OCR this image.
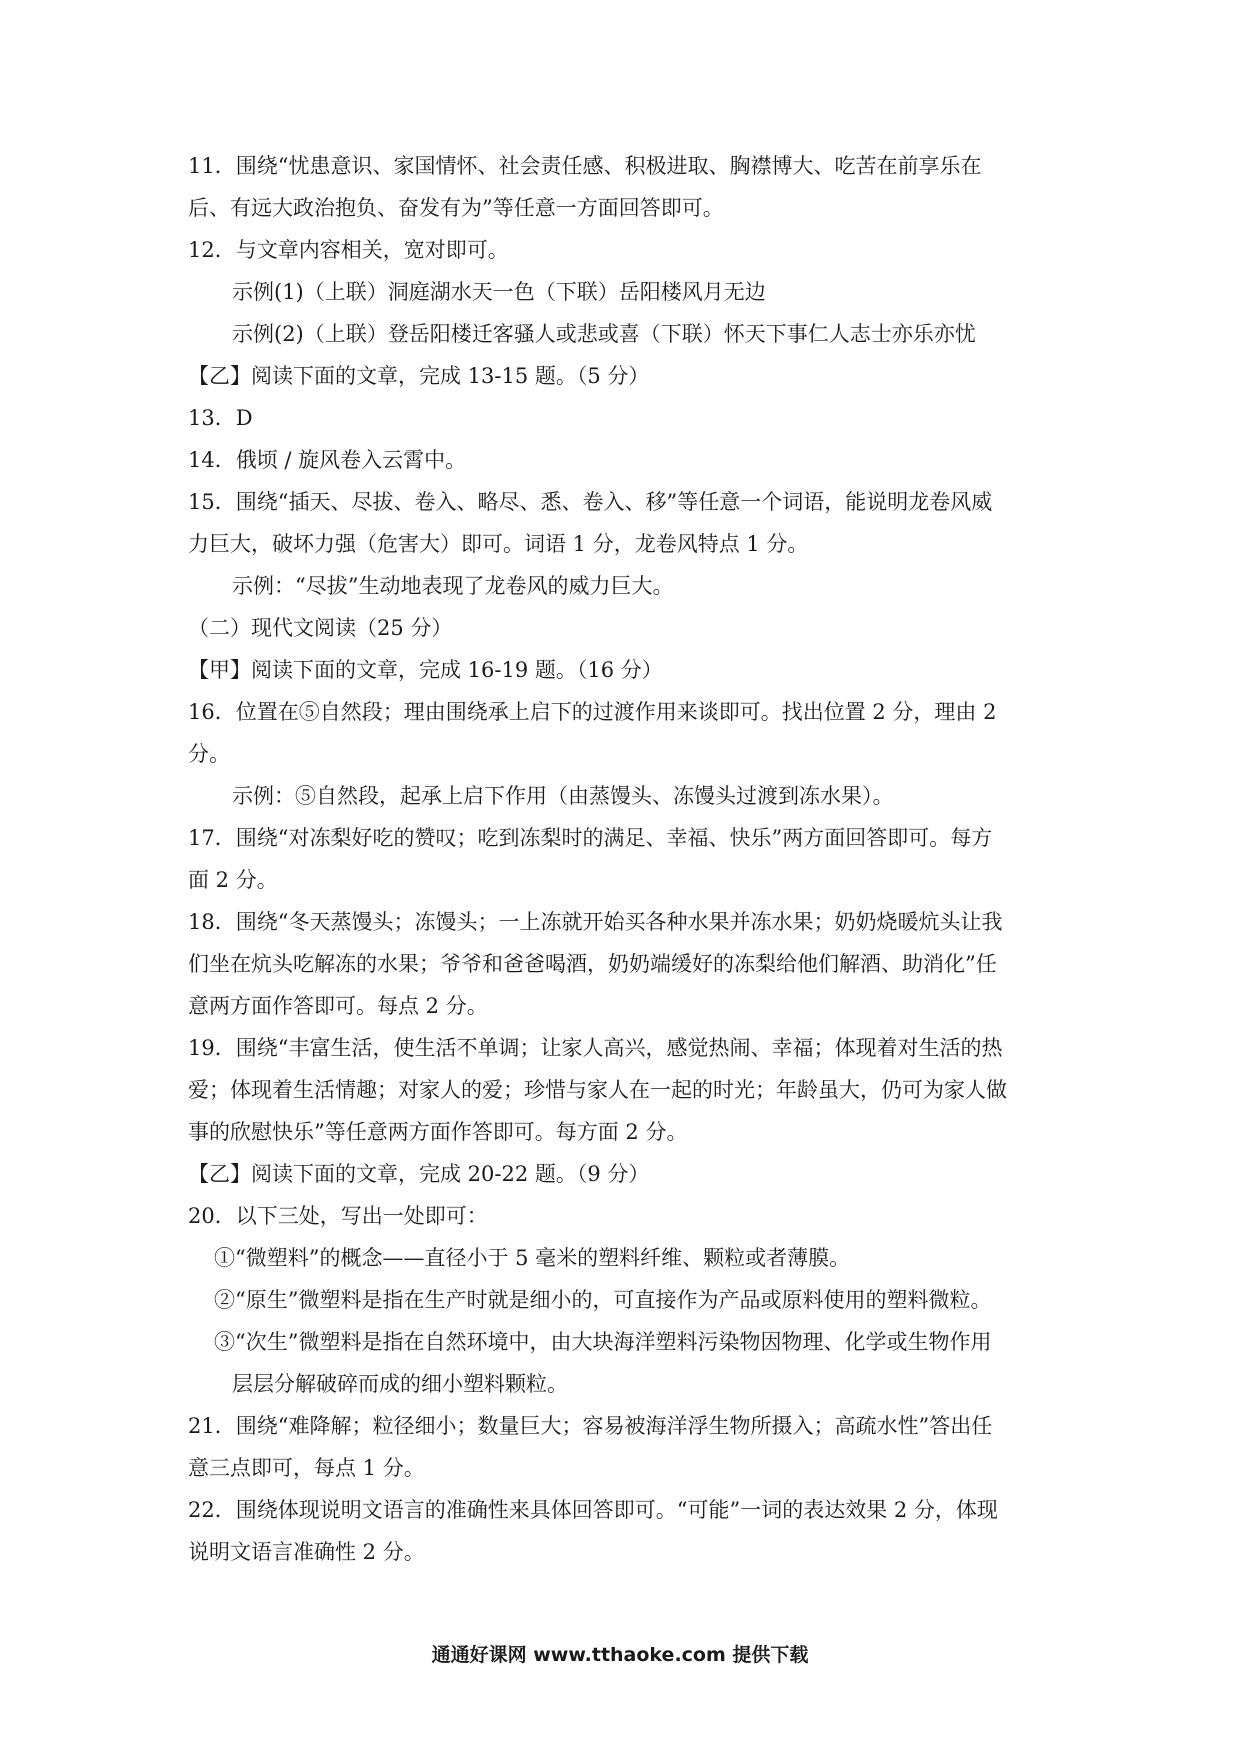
11．围绕“忧患意识、家国情怀、社会责任感、积极进取、胸襟博大、吃苦在前享乐在
后、有远大政治抱负、奋发有为”等任意一方面回答即可。
12．与文章内容相关，宽对即可。
示例(1)（上联）洞庭湖水天一色（下联）岳阳楼风月无边
示例(2)（上联）登岳阳楼迁客骚人或悲或喜（下联）怀天下事仁人志士亦乐亦忧
【乙】阅读下面的文章，完成 13-15 题。（5 分）
13．D
14．俄顷 / 旋风卷入云霄中。
15．围绕“插天、尽拔、卷入、略尽、悉、卷入、移”等任意一个词语，能说明龙卷风威
力巨大，破坏力强（危害大）即可。词语 1 分，龙卷风特点 1 分。
示例：“尽拔”生动地表现了龙卷风的威力巨大。
（二）现代文阅读（25 分）
【甲】阅读下面的文章，完成 16-19 题。（16 分）
16．位置在⑤自然段；理由围绕承上启下的过渡作用来谈即可。找出位置 2 分，理由 2
分。
示例：⑤自然段，起承上启下作用（由蒸馒头、冻馒头过渡到冻水果）。
17．围绕“对冻梨好吃的赞叹；吃到冻梨时的满足、幸福、快乐”两方面回答即可。每方
面 2 分。
18．围绕“冬天蒸馒头；冻馒头；一上冻就开始买各种水果并冻水果；奶奶烧暖炕头让我
们坐在炕头吃解冻的水果；爷爷和爸爸喝酒，奶奶端缓好的冻梨给他们解酒、助消化”任
意两方面作答即可。每点 2 分。
19．围绕“丰富生活，使生活不单调；让家人高兴，感觉热闹、幸福；体现着对生活的热
爱；体现着生活情趣；对家人的爱；珍惜与家人在一起的时光；年龄虽大，仍可为家人做
事的欣慰快乐”等任意两方面作答即可。每方面 2 分。
【乙】阅读下面的文章，完成 20-22 题。（9 分）
20．以下三处，写出一处即可：
①“微塑料”的概念——直径小于 5 毫米的塑料纤维、颗粒或者薄膜。
②“原生”微塑料是指在生产时就是细小的，可直接作为产品或原料使用的塑料微粒。
③“次生”微塑料是指在自然环境中，由大块海洋塑料污染物因物理、化学或生物作用
层层分解破碎而成的细小塑料颗粒。
21．围绕“难降解；粒径细小；数量巨大；容易被海洋浮生物所摄入；高疏水性”答出任
意三点即可，每点 1 分。
22．围绕体现说明文语言的准确性来具体回答即可。“可能”一词的表达效果 2 分，体现
说明文语言准确性 2 分。
通通好课网 www.tthaoke.com 提供下载
